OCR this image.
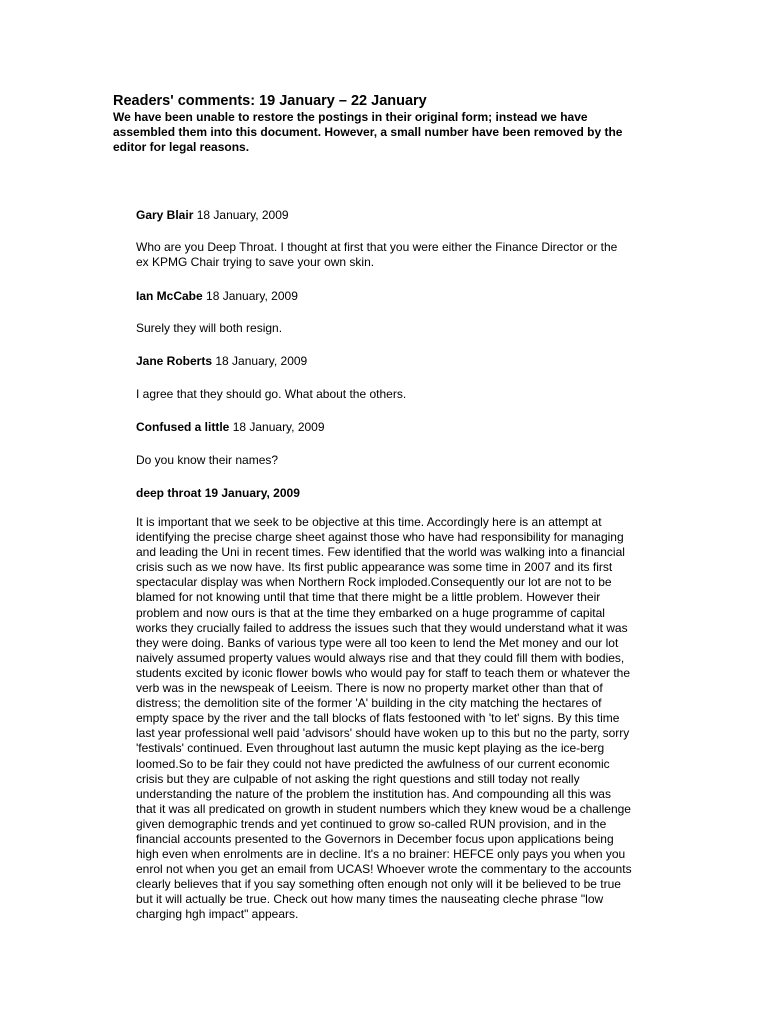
Readers' comments: 19 January – 22 January
We have been unable to restore the postings in their original form; instead we have
assembled them into this document. However, a small number have been removed by the
editor for legal reasons.

Gary Blair 18 January, 2009

Who are you Deep Throat. I thought at first that you were either the Finance Director or the
ex KPMG Chair trying to save your own skin.

Ian McCabe 18 January, 2009

Surely they will both resign.

Jane Roberts 18 January, 2009

I agree that they should go. What about the others.

Confused a little 18 January, 2009

Do you know their names?

deep throat 19 January, 2009

It is important that we seek to be objective at this time. Accordingly here is an attempt at
identifying the precise charge sheet against those who have had responsibility for managing
and leading the Uni in recent times. Few identified that the world was walking into a financial
crisis such as we now have. Its first public appearance was some time in 2007 and its first
spectacular display was when Northern Rock imploded.Consequently our lot are not to be
blamed for not knowing until that time that there might be a little problem. However their
problem and now ours is that at the time they embarked on a huge programme of capital
works they crucially failed to address the issues such that they would understand what it was
they were doing. Banks of various type were all too keen to lend the Met money and our lot
naively assumed property values would always rise and that they could fill them with bodies,
students excited by iconic flower bowls who would pay for staff to teach them or whatever the
verb was in the newspeak of Leeism. There is now no property market other than that of
distress; the demolition site of the former 'A' building in the city matching the hectares of
empty space by the river and the tall blocks of flats festooned with 'to let' signs. By this time
last year professional well paid 'advisors' should have woken up to this but no the party, sorry
'festivals' continued. Even throughout last autumn the music kept playing as the ice-berg
loomed.So to be fair they could not have predicted the awfulness of our current economic
crisis but they are culpable of not asking the right questions and still today not really
understanding the nature of the problem the institution has. And compounding all this was
that it was all predicated on growth in student numbers which they knew woud be a challenge
given demographic trends and yet continued to grow so-called RUN provision, and in the
financial accounts presented to the Governors in December focus upon applications being
high even when enrolments are in decline. It's a no brainer: HEFCE only pays you when you
enrol not when you get an email from UCAS! Whoever wrote the commentary to the accounts
clearly believes that if you say something often enough not only will it be believed to be true
but it will actually be true. Check out how many times the nauseating cleche phrase "low
charging hgh impact" appears.
